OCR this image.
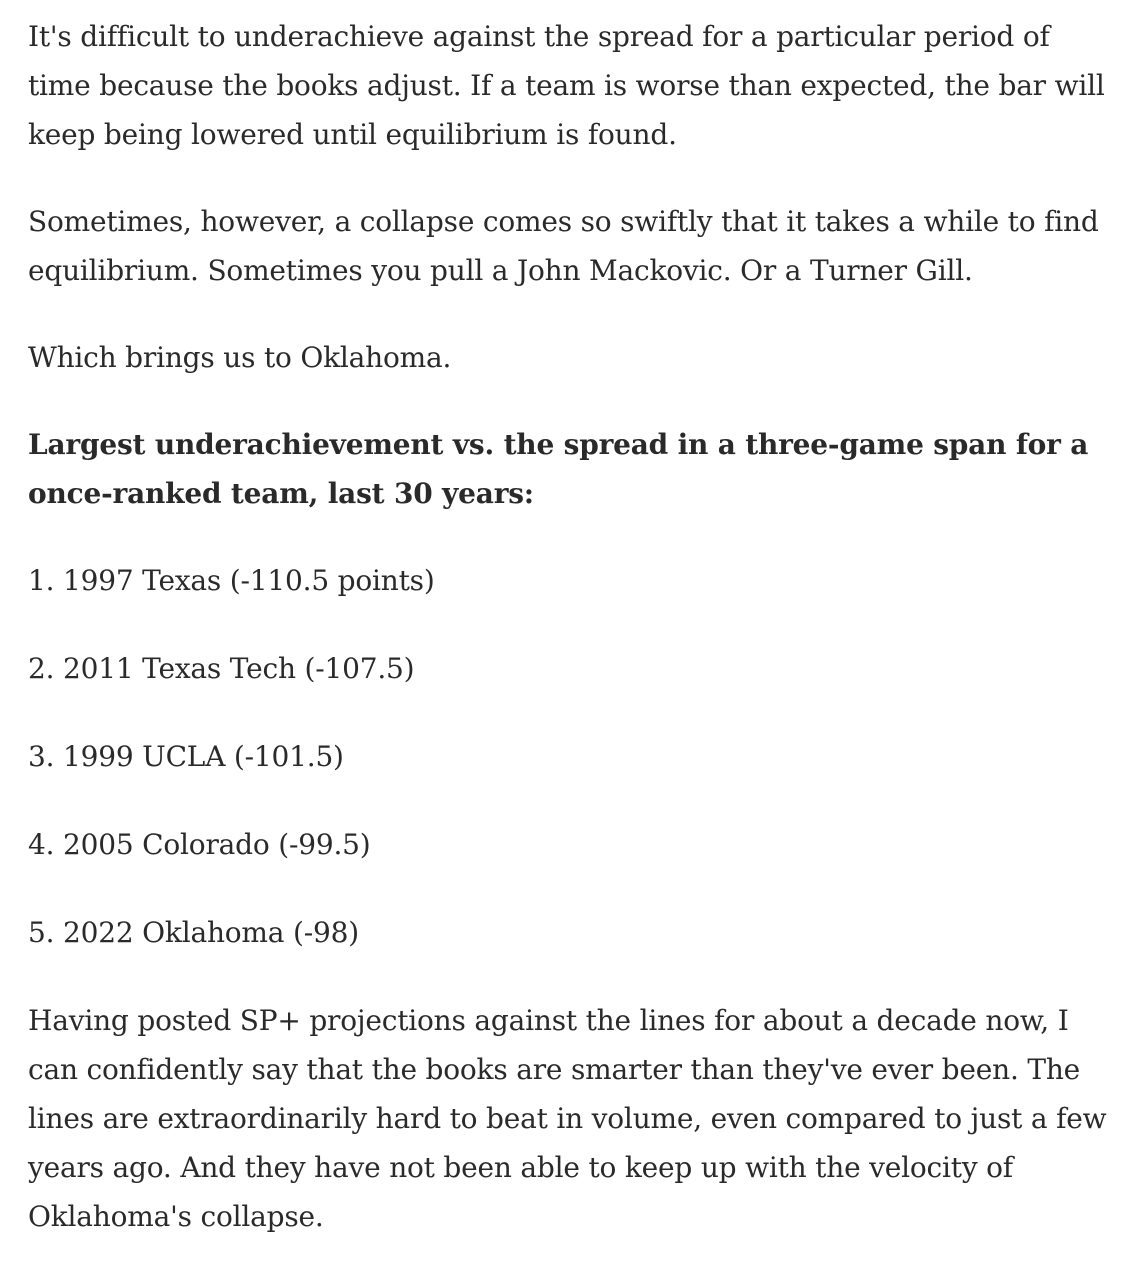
It's difficult to underachieve against the spread for a particular period of time because the books adjust. If a team is worse than expected, the bar will keep being lowered until equilibrium is found.

Sometimes, however, a collapse comes so swiftly that it takes a while to find equilibrium. Sometimes you pull a John Mackovic. Or a Turner Gill.

Which brings us to Oklahoma.

Largest underachievement vs. the spread in a three-game span for a once-ranked team, last 30 years:
1. 1997 Texas (-110.5 points)
2. 2011 Texas Tech (-107.5)
3. 1999 UCLA (-101.5)
4. 2005 Colorado (-99.5)
5. 2022 Oklahoma (-98)

Having posted SP+ projections against the lines for about a decade now, I can confidently say that the books are smarter than they've ever been. The lines are extraordinarily hard to beat in volume, even compared to just a few years ago. And they have not been able to keep up with the velocity of Oklahoma's collapse.
